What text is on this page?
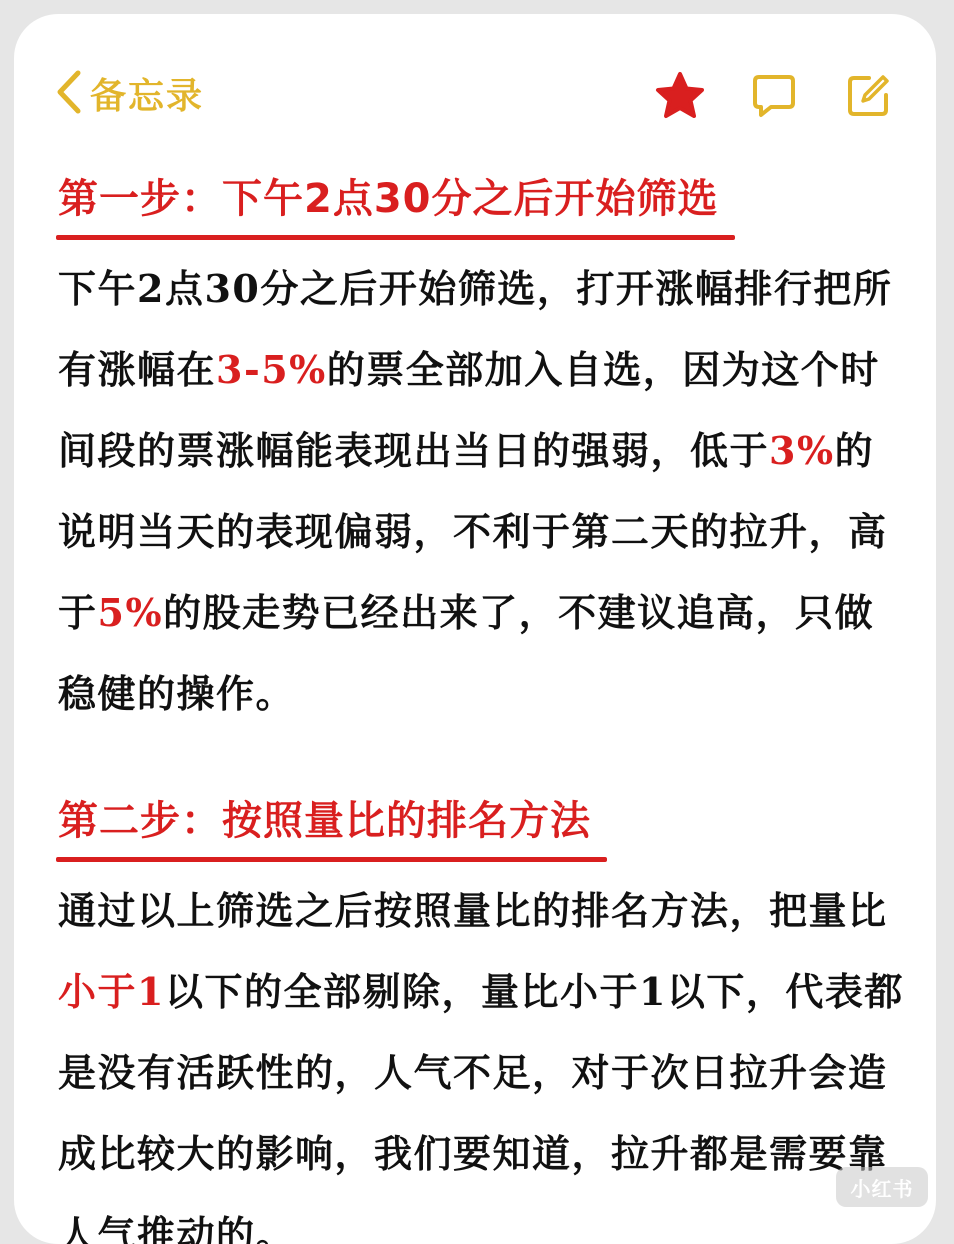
备忘录
第一步：下午2点30分之后开始筛选
下午2点30分之后开始筛选，打开涨幅排行把所有涨幅在3-5%的票全部加入自选，因为这个时间段的票涨幅能表现出当日的强弱，低于3%的说明当天的表现偏弱，不利于第二天的拉升，高于5%的股走势已经出来了，不建议追高，只做稳健的操作。
第二步：按照量比的排名方法
通过以上筛选之后按照量比的排名方法，把量比小于1以下的全部剔除，量比小于1以下，代表都是没有活跃性的，人气不足，对于次日拉升会造成比较大的影响，我们要知道，拉升都是需要靠人气推动的。	小红书
